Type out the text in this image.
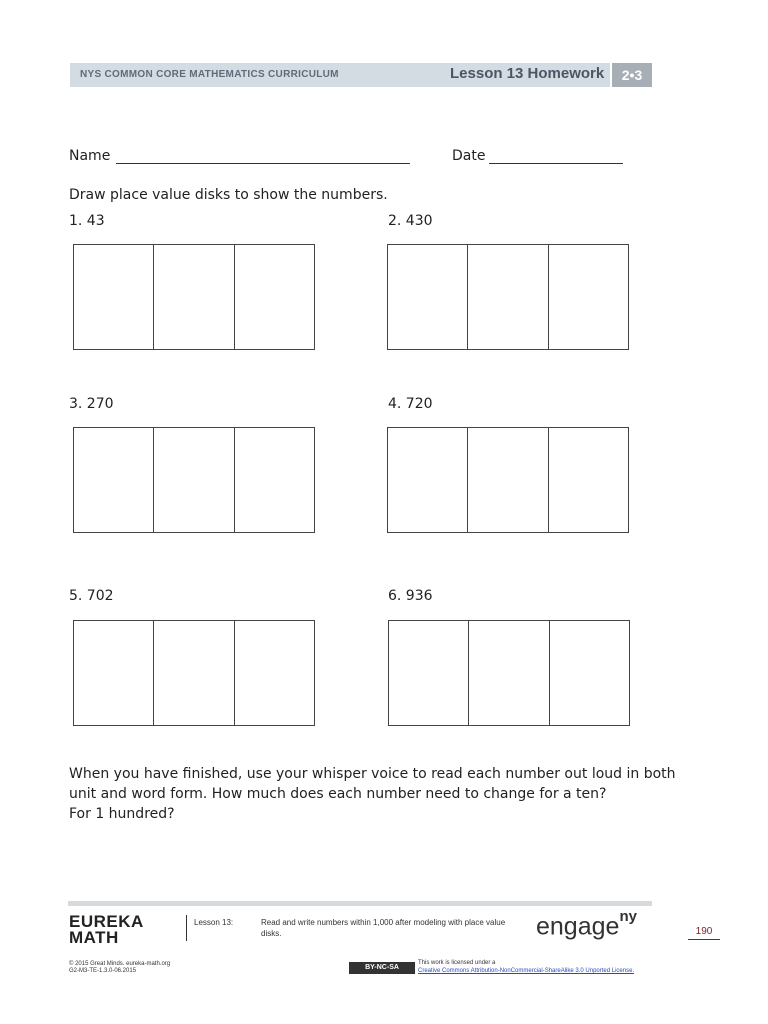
NYS COMMON CORE MATHEMATICS CURRICULUM	Lesson 13 Homework	2•3
Name	Date
Draw place value disks to show the numbers.
1. 43	2. 430
3. 270	4. 720
5. 702	6. 936
When you have finished, use your whisper voice to read each number out loud in both
unit and word form. How much does each number need to change for a ten?
For 1 hundred?
EUREKA
MATH
Lesson 13:	Read and write numbers within 1,000 after modeling with place value
disks.	engage$^{ny}$
190
© 2015 Great Minds. eureka-math.org
G2-M3-TE-1.3.0-06.2015	BY-NC-SA
This work is licensed under a
Creative Commons Attribution-NonCommercial-ShareAlike 3.0 Unported License.
